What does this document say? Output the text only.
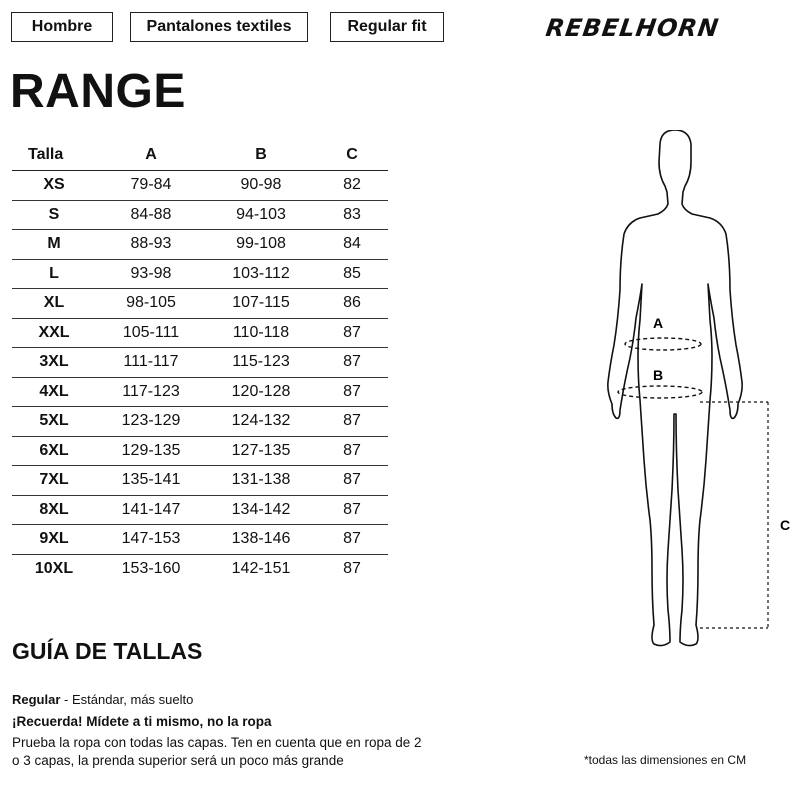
Hombre	Pantalones textiles	Regular fit	REBELHORN
RANGE
Talla	A	B	C
XS	79-84	90-98	82
S	84-88	94-103	83
M	88-93	99-108	84
L	93-98	103-112	85
XL	98-105	107-115	86
XXL	105-111	110-118	87
3XL	111-117	115-123	87
4XL	117-123	120-128	87
5XL	123-129	124-132	87
6XL	129-135	127-135	87
7XL	135-141	131-138	87
8XL	141-147	134-142	87
9XL	147-153	138-146	87
10XL	153-160	142-151	87
A
B
C
GUÍA DE TALLAS
Regular - Estándar, más suelto
¡Recuerda! Mídete a ti mismo, no la ropa
Prueba la ropa con todas las capas. Ten en cuenta que en ropa de 2 o 3 capas, la prenda superior será un poco más grande	*todas las dimensiones en CM
